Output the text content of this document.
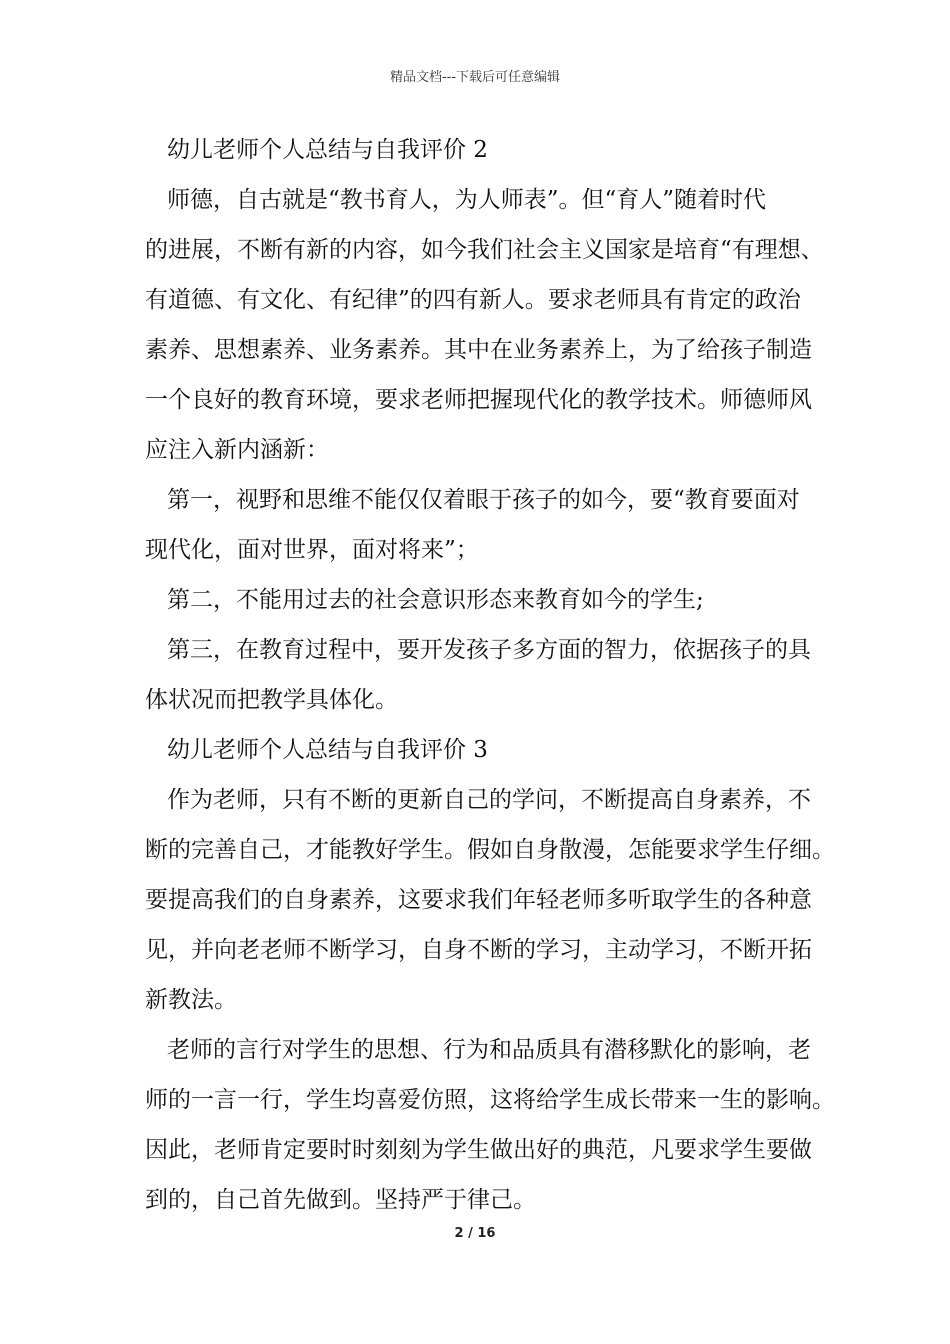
精品文档---下载后可任意编辑
幼儿老师个人总结与自我评价 2
师德，自古就是“教书育人，为人师表”。但“育人”随着时代
的进展，不断有新的内容，如今我们社会主义国家是培育“有理想、
有道德、有文化、有纪律”的四有新人。要求老师具有肯定的政治
素养、思想素养、业务素养。其中在业务素养上，为了给孩子制造
一个良好的教育环境，要求老师把握现代化的教学技术。师德师风
应注入新内涵新：
第一，视野和思维不能仅仅着眼于孩子的如今，要“教育要面对
现代化，面对世界，面对将来”；
第二，不能用过去的社会意识形态来教育如今的学生;
第三，在教育过程中，要开发孩子多方面的智力，依据孩子的具
体状况而把教学具体化。
幼儿老师个人总结与自我评价 3
作为老师，只有不断的更新自己的学问，不断提高自身素养，不
断的完善自己，才能教好学生。假如自身散漫，怎能要求学生仔细。
要提高我们的自身素养，这要求我们年轻老师多听取学生的各种意
见，并向老老师不断学习，自身不断的学习，主动学习，不断开拓
新教法。
老师的言行对学生的思想、行为和品质具有潜移默化的影响，老
师的一言一行，学生均喜爱仿照，这将给学生成长带来一生的影响。
因此，老师肯定要时时刻刻为学生做出好的典范，凡要求学生要做
到的，自己首先做到。坚持严于律己。
2 / 16
